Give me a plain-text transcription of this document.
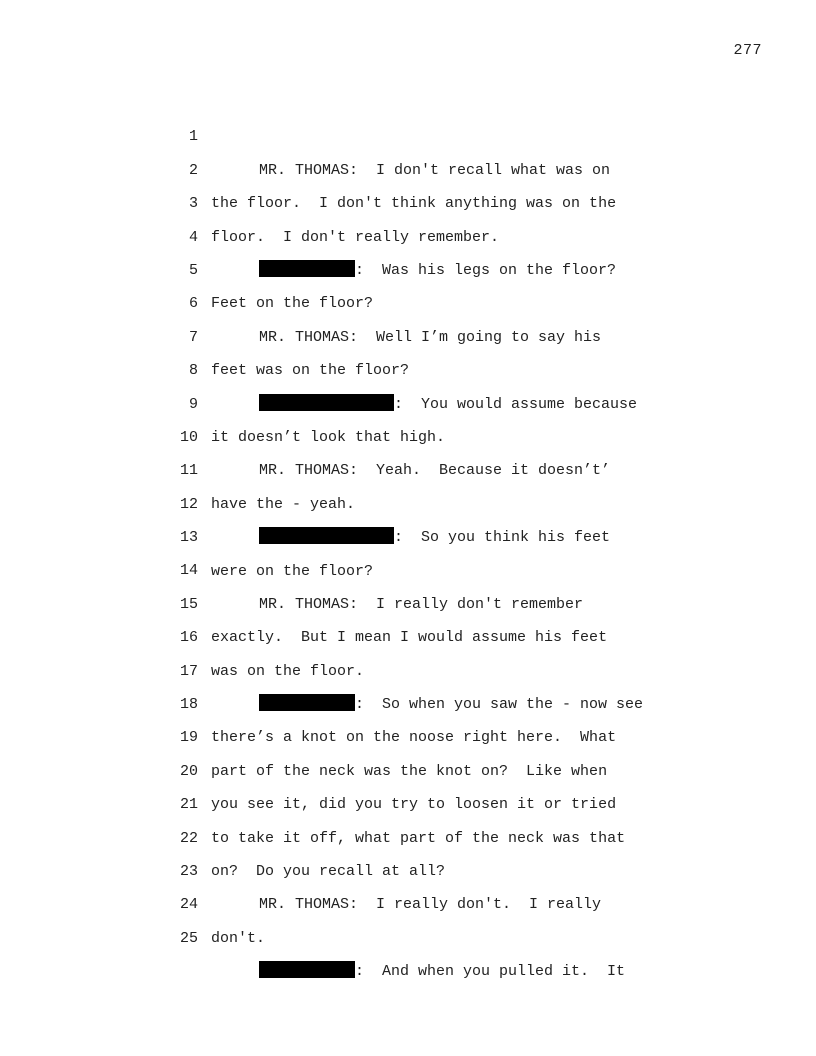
277

1

MR. THOMAS:  I don't recall what was on

2

the floor.  I don't think anything was on the

3

floor.  I don't really remember.

4

:  Was his legs on the floor?

5

Feet on the floor?

6

MR. THOMAS:  Well I’m going to say his

7

feet was on the floor?

8

:  You would assume because

9

it doesn’t look that high.

10

MR. THOMAS:  Yeah.  Because it doesn’t’

11

have the - yeah.

12

:  So you think his feet

13

were on the floor?

14

MR. THOMAS:  I really don't remember

15

exactly.  But I mean I would assume his feet

16

was on the floor.

17

:  So when you saw the - now see

18

there’s a knot on the noose right here.  What

19

part of the neck was the knot on?  Like when

20

you see it, did you try to loosen it or tried

21

to take it off, what part of the neck was that

22

on?  Do you recall at all?

23

MR. THOMAS:  I really don't.  I really

24

don't.

25

:  And when you pulled it.  It
